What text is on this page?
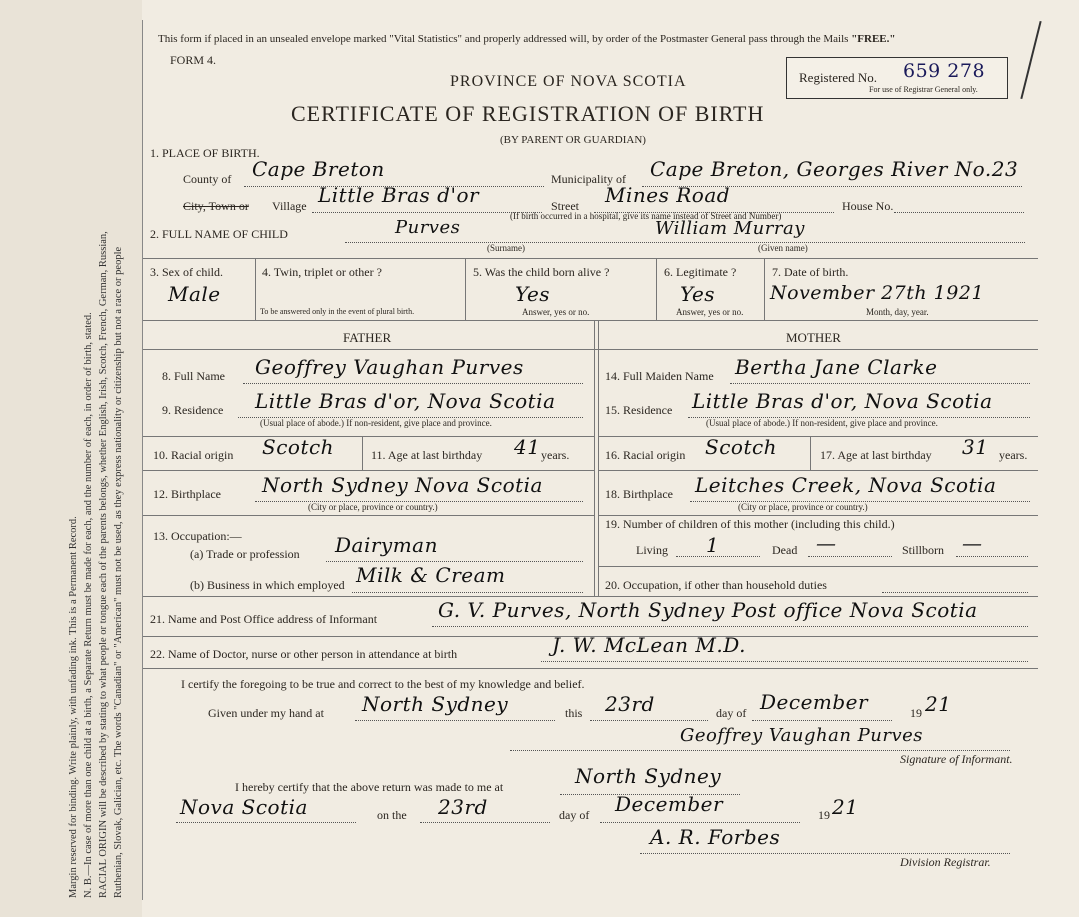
Margin reserved for binding. Write plainly, with unfading ink. This is a Permanent Record. N. B.—In case of more than one child at a birth, a Separate Return must be made for each, and the number of each, in order of birth, stated. RACIAL ORIGIN will be described by stating to what people or tongue each of the parents belongs, whether English, Irish, Scotch, French, German, Russian, Ruthenian, Slovak, Galician, etc. The words "Canadian" or "American" must not be used, as they express nationality or citizenship but not a race or people
This form if placed in an unsealed envelope marked "Vital Statistics" and properly addressed will, by order of the Postmaster General pass through the Mails "FREE."
FORM 4.
PROVINCE OF NOVA SCOTIA
CERTIFICATE OF REGISTRATION OF BIRTH
(BY PARENT OR GUARDIAN)
Registered No. 659 278
For use of Registrar General only.
1. PLACE OF BIRTH.
County of Cape Breton	Municipality of Cape Breton, Georges River No.23
City, Town or Village Little Bras d'or	Street Mines Road	House No.
(If birth occurred in a hospital, give its name instead of Street and Number)
2. FULL NAME OF CHILD	Purves
(Surname)
William Murray
(Given name)
3. Sex of child.
Male
4. Twin, triplet or other ?
To be answered only in the event of plural birth.
5. Was the child born alive ?
Yes
Answer, yes or no.
6. Legitimate ?
Yes
Answer, yes or no.
7. Date of birth.
November 27th 1921
Month, day, year.
FATHER	MOTHER
8. Full Name Geoffrey Vaughan Purves
9. Residence Little Bras d'or, Nova Scotia
(Usual place of abode.) If non-resident, give place and province.
10. Racial origin Scotch	11. Age at last birthday 41 years.
12. Birthplace North Sydney Nova Scotia
(City or place, province or country.)
13. Occupation:—
(a) Trade or profession Dairyman
(b) Business in which employed Milk & Cream
14. Full Maiden Name Bertha Jane Clarke
15. Residence Little Bras d'or, Nova Scotia
(Usual place of abode.) If non-resident, give place and province.
16. Racial origin Scotch	17. Age at last birthday 31 years.
18. Birthplace Leitches Creek, Nova Scotia
(City or place, province or country.)
19. Number of children of this mother (including this child.)
Living 1	Dead —	Stillborn —
20. Occupation, if other than household duties
21. Name and Post Office address of Informant	G. V. Purves, North Sydney Post office Nova Scotia
22. Name of Doctor, nurse or other person in attendance at birth	J. W. McLean M.D.
I certify the foregoing to be true and correct to the best of my knowledge and belief.
Given under my hand at North Sydney	this 23rd	day of December	19 21
Geoffrey Vaughan Purves
Signature of Informant.
I hereby certify that the above return was made to me at	North Sydney
Nova Scotia	on the 23rd	day of December	19 21
A. R. Forbes
Division Registrar.
